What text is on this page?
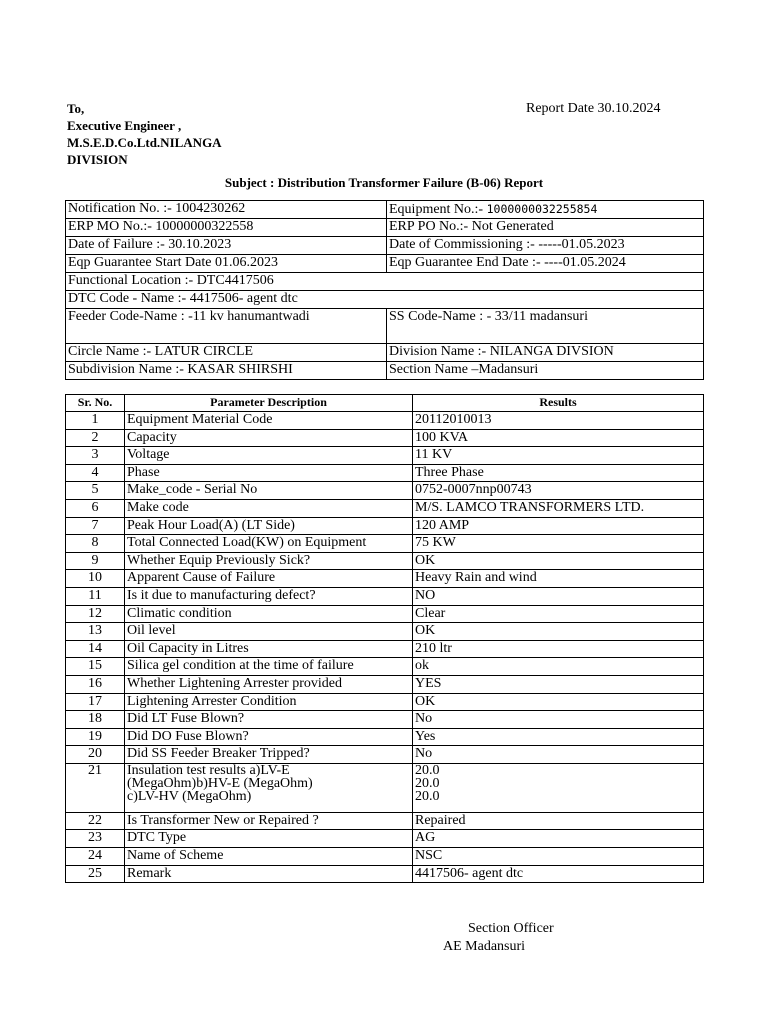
To,
Executive Engineer ,
M.S.E.D.Co.Ltd.NILANGA
DIVISION
Report Date 30.10.2024
Subject : Distribution Transformer Failure (B-06) Report
Notification No. :- 1004230262	Equipment No.:- 1000000032255854
ERP MO No.:- 10000000322558	ERP PO No.:- Not Generated
Date of Failure :- 30.10.2023	Date of Commissioning :- -----01.05.2023
Eqp Guarantee Start Date 01.06.2023	Eqp Guarantee End Date :- ----01.05.2024
Functional Location :- DTC4417506	
DTC Code - Name :- 4417506- agent dtc	
Feeder Code-Name : -11 kv hanumantwadi	SS Code-Name : - 33/11 madansuri
Circle Name :- LATUR CIRCLE	Division Name :- NILANGA DIVSION
Subdivision Name :- KASAR SHIRSHI	Section Name –Madansuri
Sr. No.	Parameter Description	Results
1	Equipment Material Code	20112010013
2	Capacity	100 KVA
3	Voltage	11 KV
4	Phase	Three Phase
5	Make_code - Serial No	0752-0007nnp00743
6	Make code	M/S. LAMCO TRANSFORMERS LTD.
7	Peak Hour Load(A) (LT Side)	120 AMP
8	Total Connected Load(KW) on Equipment	75 KW
9	Whether Equip Previously Sick?	OK
10	Apparent Cause of Failure	Heavy Rain and wind
11	Is it due to manufacturing defect?	NO
12	Climatic condition	Clear
13	Oil level	OK
14	Oil Capacity in Litres	210 ltr
15	Silica gel condition at the time of failure	ok
16	Whether Lightening Arrester provided	YES
17	Lightening Arrester Condition	OK
18	Did LT Fuse Blown?	No
19	Did DO Fuse Blown?	Yes
20	Did SS Feeder Breaker Tripped?	No
21	Insulation test results a)LV-E
(MegaOhm)b)HV-E (MegaOhm)
c)LV-HV (MegaOhm)	20.0
20.0
20.0
22	Is Transformer New or Repaired ?	Repaired
23	DTC Type	AG
24	Name of Scheme	NSC
25	Remark	4417506- agent dtc
Section Officer
AE Madansuri
